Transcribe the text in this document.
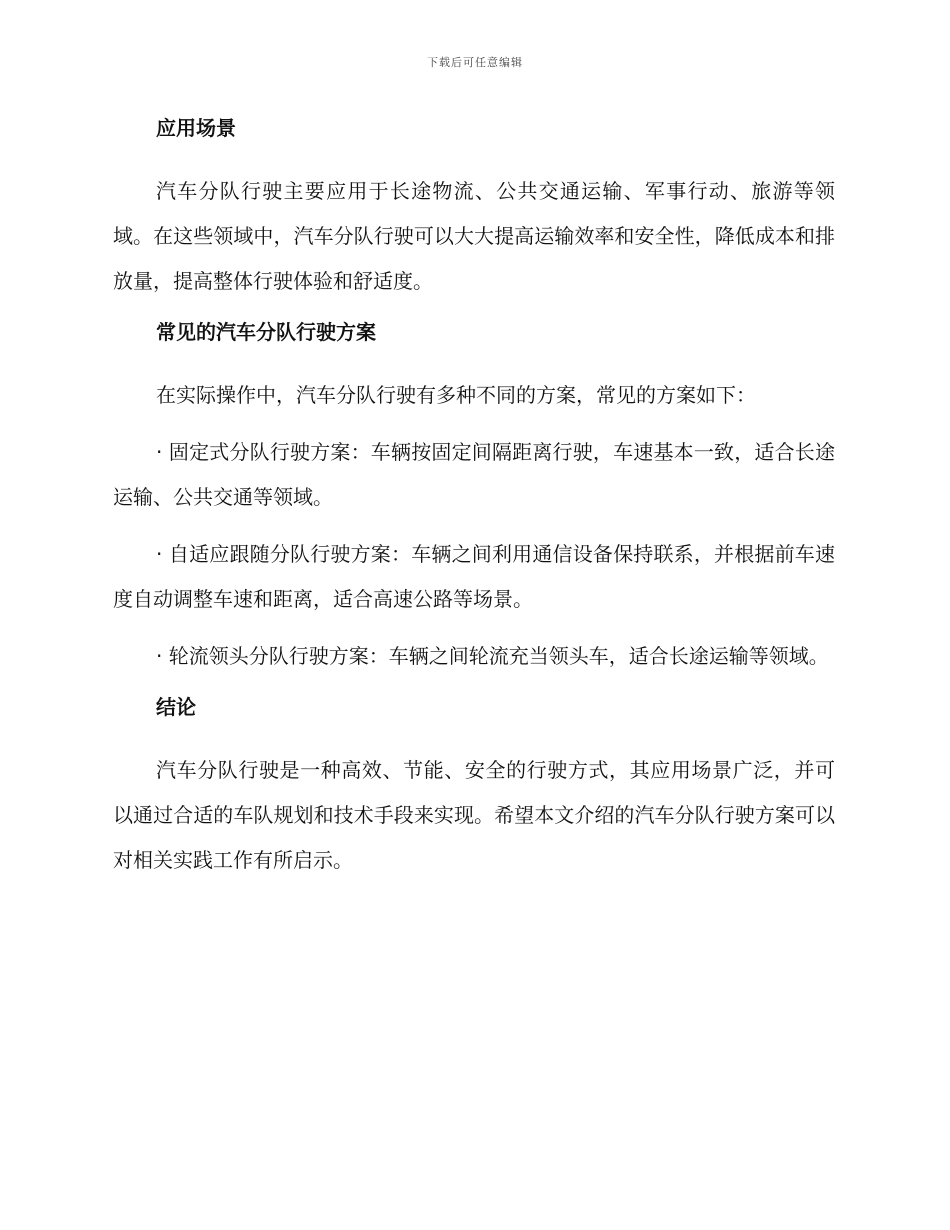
下载后可任意编辑
应用场景

汽车分队行驶主要应用于长途物流、公共交通运输、军事行动、旅游等领域。在这些领域中，汽车分队行驶可以大大提高运输效率和安全性，降低成本和排放量，提高整体行驶体验和舒适度。

常见的汽车分队行驶方案

在实际操作中，汽车分队行驶有多种不同的方案，常见的方案如下：

· 固定式分队行驶方案：车辆按固定间隔距离行驶，车速基本一致，适合长途运输、公共交通等领域。

· 自适应跟随分队行驶方案：车辆之间利用通信设备保持联系，并根据前车速度自动调整车速和距离，适合高速公路等场景。

· 轮流领头分队行驶方案：车辆之间轮流充当领头车，适合长途运输等领域。

结论

汽车分队行驶是一种高效、节能、安全的行驶方式，其应用场景广泛，并可以通过合适的车队规划和技术手段来实现。希望本文介绍的汽车分队行驶方案可以对相关实践工作有所启示。
